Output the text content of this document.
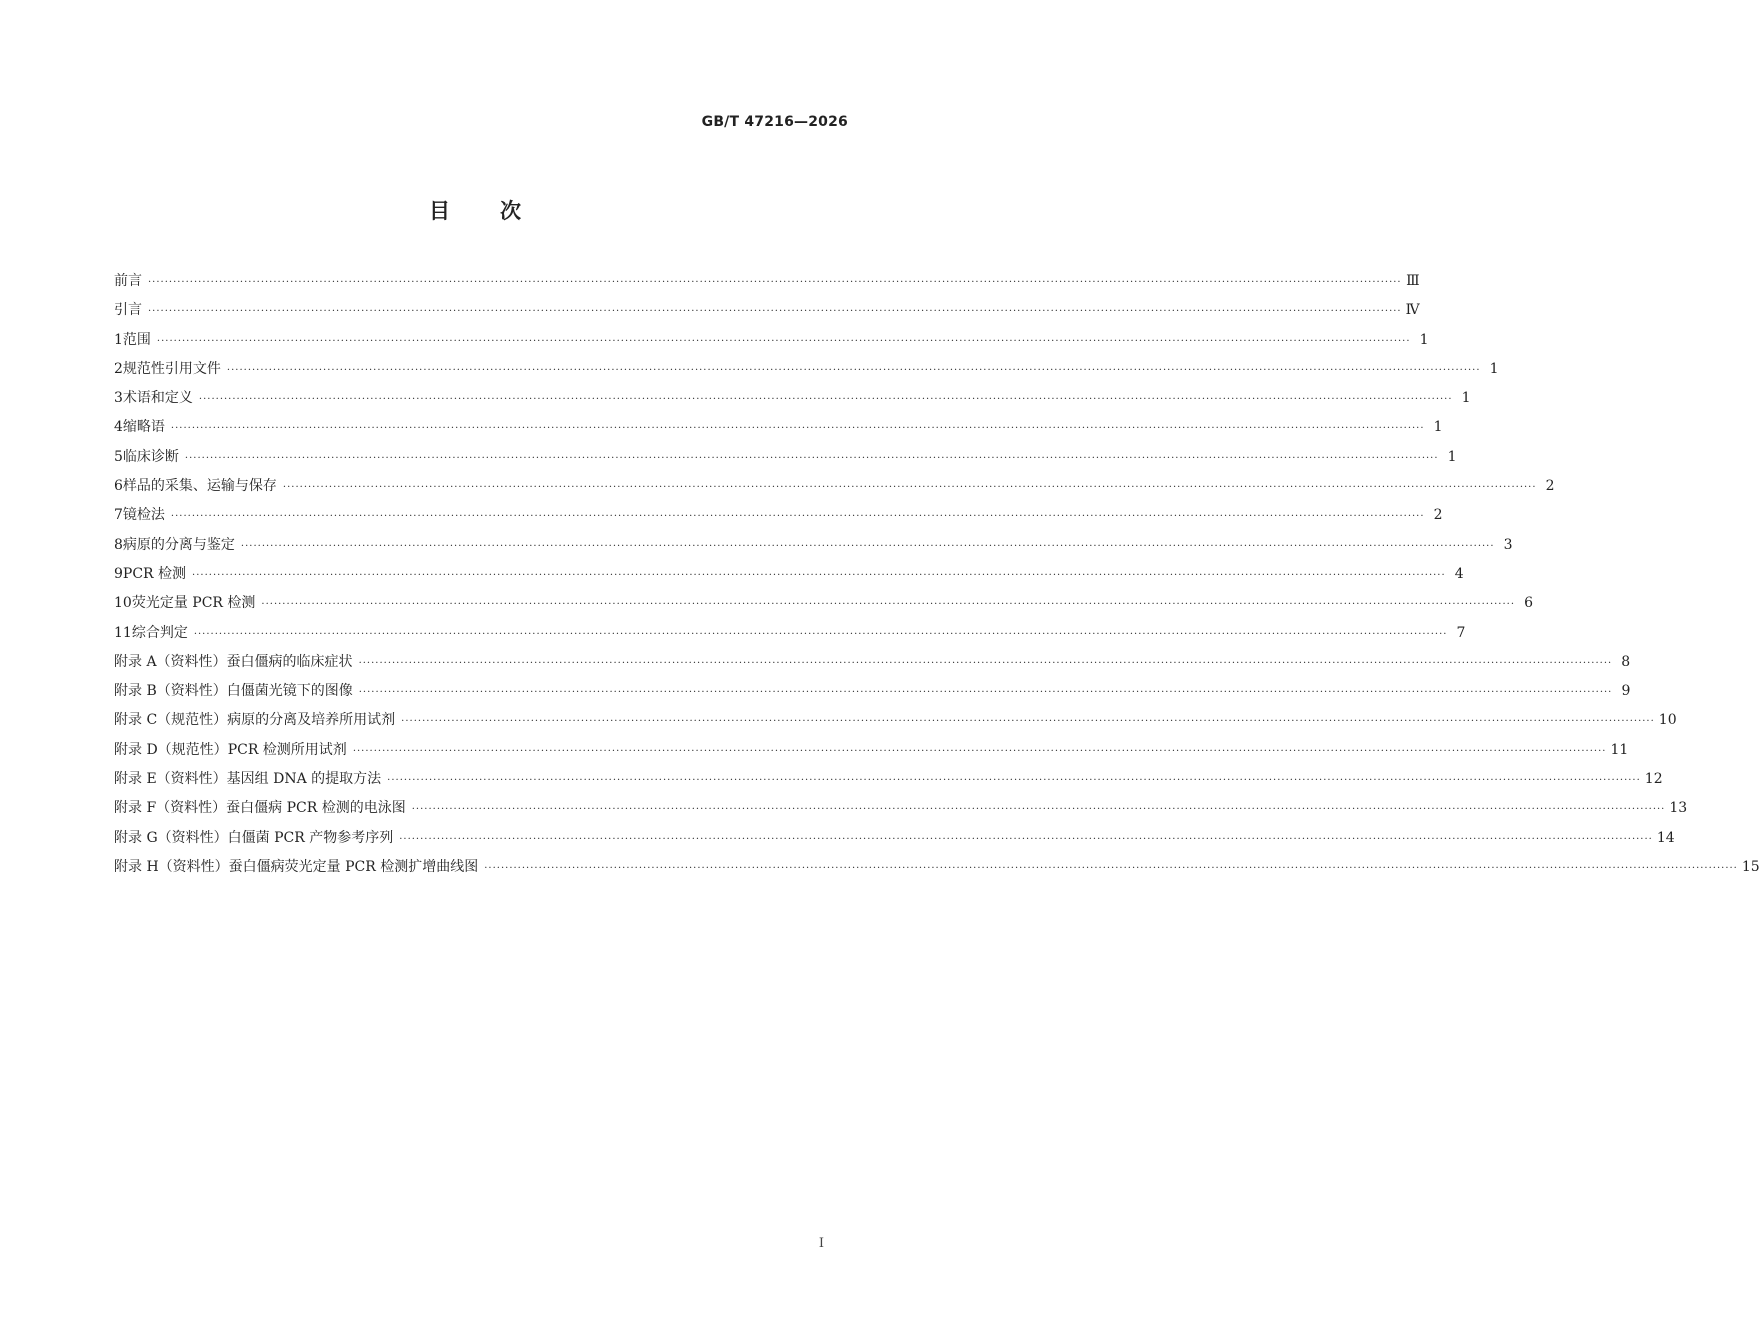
GB/T 47216—2026
目 次
前言 ············································································································································································································································································································ Ⅲ
引言 ············································································································································································································································································································ Ⅳ
1 范围 ············································································································································································································································································································ 1
2 规范性引用文件 ············································································································································································································································································································ 1
3 术语和定义 ············································································································································································································································································································ 1
4 缩略语 ············································································································································································································································································································ 1
5 临床诊断 ············································································································································································································································································································ 1
6 样品的采集、运输与保存 ············································································································································································································································································································ 2
7 镜检法 ············································································································································································································································································································ 2
8 病原的分离与鉴定 ············································································································································································································································································································ 3
9 PCR 检测 ············································································································································································································································································································ 4
10 荧光定量 PCR 检测 ············································································································································································································································································································ 6
11 综合判定 ············································································································································································································································································································ 7
附录 A（资料性） 蚕白僵病的临床症状 ············································································································································································································································································································ 8
附录 B（资料性） 白僵菌光镜下的图像 ············································································································································································································································································································ 9
附录 C（规范性） 病原的分离及培养所用试剂 ············································································································································································································································································································ 10
附录 D（规范性） PCR 检测所用试剂 ············································································································································································································································································································ 11
附录 E（资料性） 基因组 DNA 的提取方法 ············································································································································································································································································································ 12
附录 F（资料性） 蚕白僵病 PCR 检测的电泳图 ············································································································································································································································································································ 13
附录 G（资料性） 白僵菌 PCR 产物参考序列 ············································································································································································································································································································ 14
附录 H（资料性） 蚕白僵病荧光定量 PCR 检测扩增曲线图 ············································································································································································································································································································ 15
I
